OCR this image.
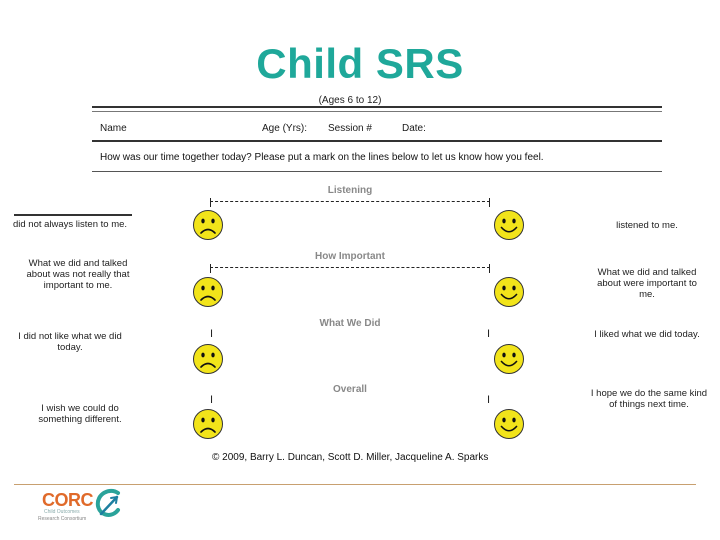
Child SRS
(Ages 6 to 12)
Name	Age (Yrs): Session #	Date:
How was our time together today? Please put a mark on the lines below to let us know how you feel.
Listening
did not always listen to me.	listened to me.
How Important
What we did and talked about was not really that important to me.
What we did and talked about were important to me.
What We Did
I	I
I did not like what we did today.
I liked what we did today.
Overall
I	I
I wish we could do something different.
I hope we do the same kind of things next time.
© 2009, Barry L. Duncan, Scott D. Miller, Jacqueline A. Sparks
CORC
Child Outcomes
Research Consortium
